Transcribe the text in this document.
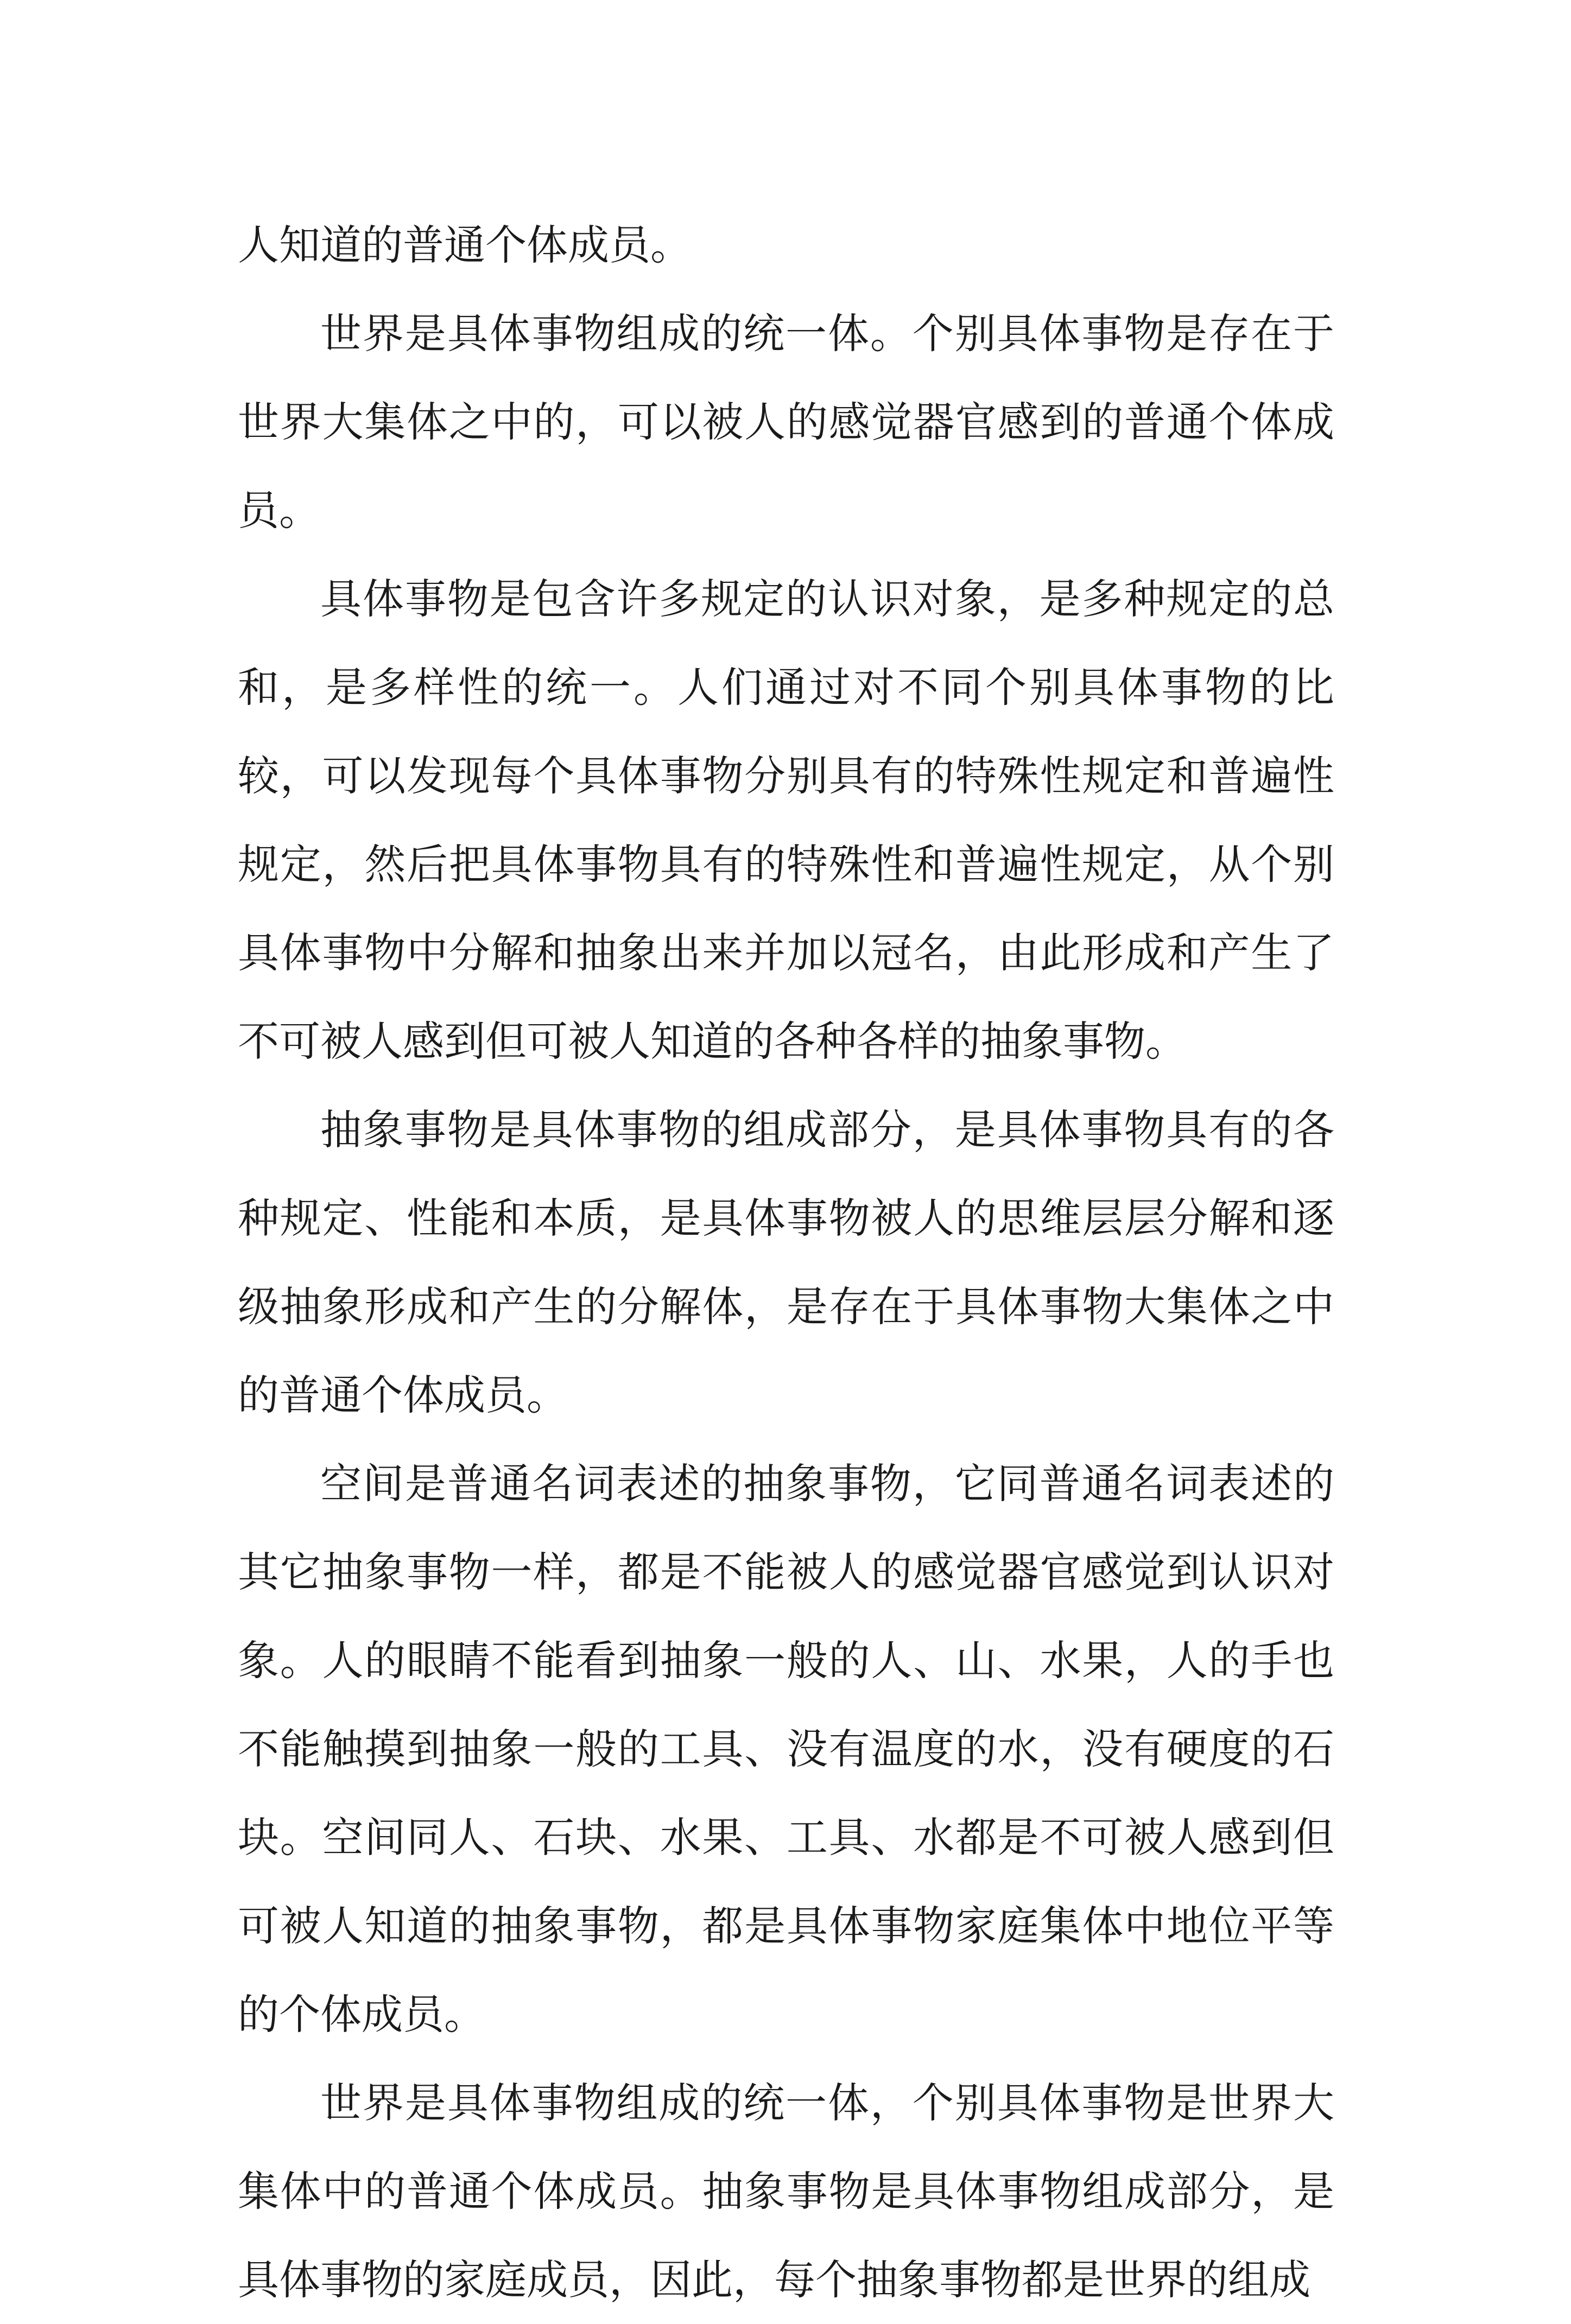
人知道的普通个体成员。

世界是具体事物组成的统一体。个别具体事物是存在于世界大集体之中的，可以被人的感觉器官感到的普通个体成员。

具体事物是包含许多规定的认识对象，是多种规定的总和，是多样性的统一。人们通过对不同个别具体事物的比较，可以发现每个具体事物分别具有的特殊性规定和普遍性规定，然后把具体事物具有的特殊性和普遍性规定，从个别具体事物中分解和抽象出来并加以冠名，由此形成和产生了不可被人感到但可被人知道的各种各样的抽象事物。

抽象事物是具体事物的组成部分，是具体事物具有的各种规定、性能和本质，是具体事物被人的思维层层分解和逐级抽象形成和产生的分解体，是存在于具体事物大集体之中的普通个体成员。

空间是普通名词表述的抽象事物，它同普通名词表述的其它抽象事物一样，都是不能被人的感觉器官感觉到认识对象。人的眼睛不能看到抽象一般的人、山、水果，人的手也不能触摸到抽象一般的工具、没有温度的水，没有硬度的石块。空间同人、石块、水果、工具、水都是不可被人感到但可被人知道的抽象事物，都是具体事物家庭集体中地位平等的个体成员。

世界是具体事物组成的统一体，个别具体事物是世界大集体中的普通个体成员。抽象事物是具体事物组成部分，是具体事物的家庭成员，因此，每个抽象事物都是世界的组成
